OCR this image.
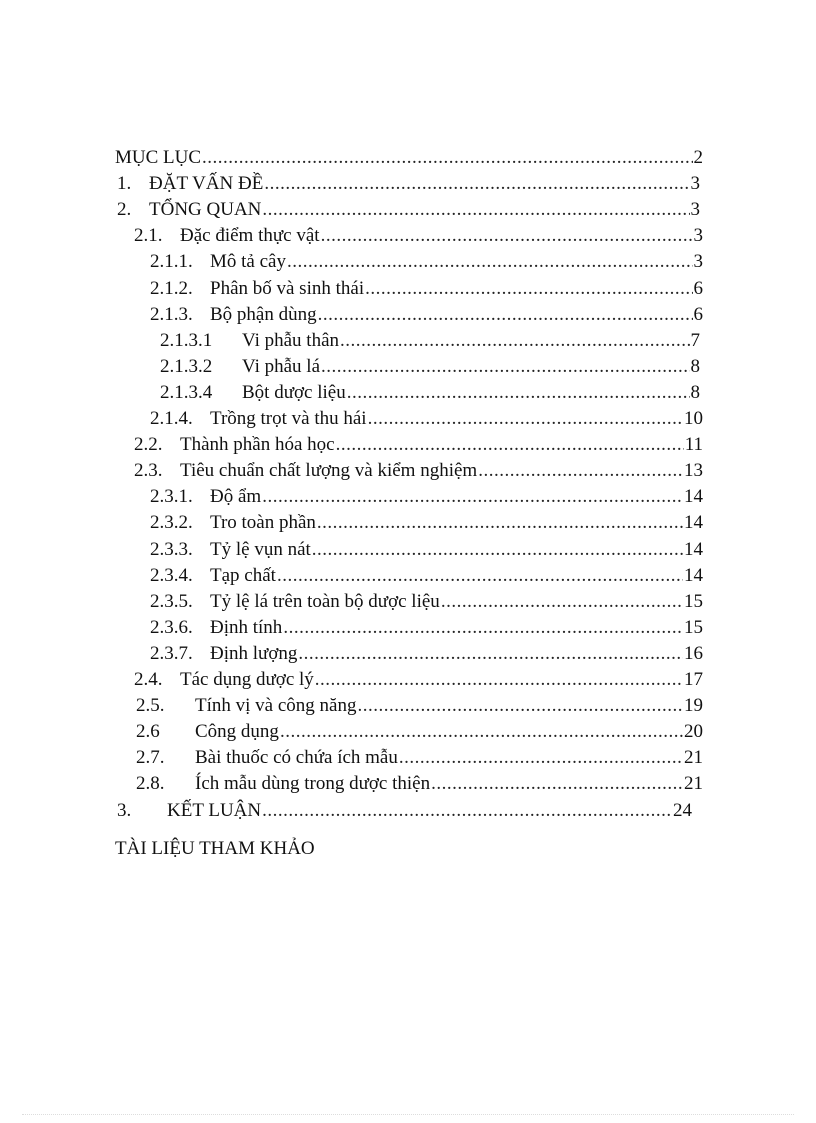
MỤC LỤC .....	2
1. ĐẶT VẤN ĐỀ .....	3
2. TỔNG QUAN .....	3
2.1. Đặc điểm thực vật .....	3
2.1.1. Mô tả cây .....	3
2.1.2. Phân bố và sinh thái .....	6
2.1.3. Bộ phận dùng .....	6
2.1.3.1	Vi phẫu thân .....	7
2.1.3.2	Vi phẫu lá .....	8
2.1.3.4	Bột dược liệu .....	8
2.1.4. Trồng trọt và thu hái .....	10
2.2. Thành phần hóa học .....	11
2.3. Tiêu chuẩn chất lượng và kiểm nghiệm .....	13
2.3.1. Độ ẩm .....	14
2.3.2. Tro toàn phần .....	14
2.3.3. Tỷ lệ vụn nát .....	14
2.3.4. Tạp chất .....	14
2.3.5. Tỷ lệ lá trên toàn bộ dược liệu .....	15
2.3.6. Định tính .....	15
2.3.7. Định lượng .....	16
2.4. Tác dụng dược lý .....	17
2.5.	Tính vị và công năng .....	19
2.6	Công dụng .....	20
2.7.	Bài thuốc có chứa ích mẫu .....	21
2.8.	Ích mẫu dùng trong dược thiện .....	21
3.	KẾT LUẬN .....	24
TÀI LIỆU THAM KHẢO
